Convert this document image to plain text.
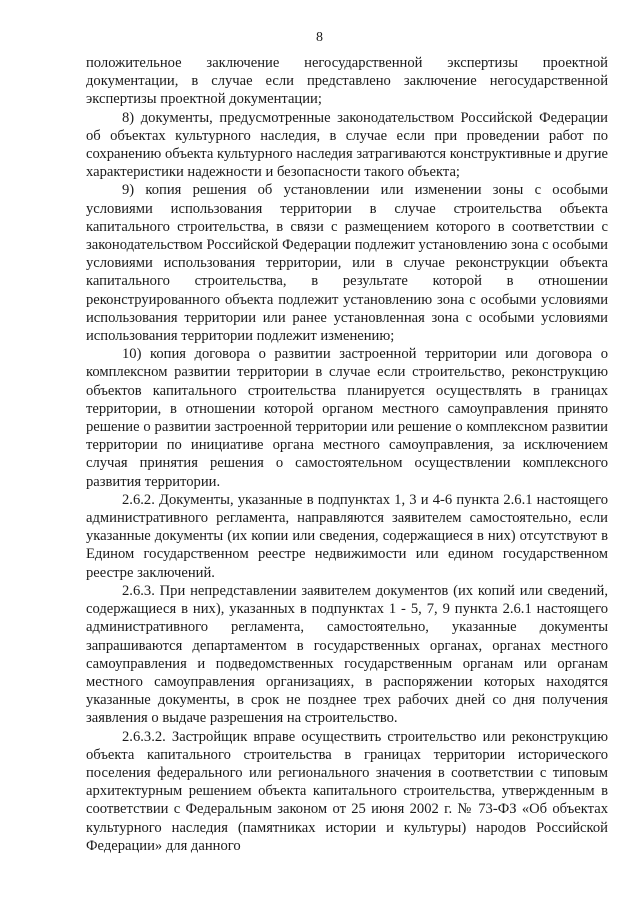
8

положительное заключение негосударственной экспертизы проектной документации, в случае если представлено заключение негосударственной экспертизы проектной документации;

8) документы, предусмотренные законодательством Российской Федерации об объектах культурного наследия, в случае если при проведении работ по сохранению объекта культурного наследия затрагиваются конструктивные и другие характеристики надежности и безопасности такого объекта;

9) копия решения об установлении или изменении зоны с особыми условиями использования территории в случае строительства объекта капитального строительства, в связи с размещением которого в соответствии с законодательством Российской Федерации подлежит установлению зона с особыми условиями использования территории, или в случае реконструкции объекта капитального строительства, в результате которой в отношении реконструированного объекта подлежит установлению зона с особыми условиями использования территории или ранее установленная зона с особыми условиями использования территории подлежит изменению;

10) копия договора о развитии застроенной территории или договора о комплексном развитии территории в случае если строительство, реконструкцию объектов капитального строительства планируется осуществлять в границах территории, в отношении которой органом местного самоуправления принято решение о развитии застроенной территории или решение о комплексном развитии территории по инициативе органа местного самоуправления, за исключением случая принятия решения о самостоятельном осуществлении комплексного развития территории.

2.6.2. Документы, указанные в подпунктах 1, 3 и 4-6 пункта 2.6.1 настоящего административного регламента, направляются заявителем самостоятельно, если указанные документы (их копии или сведения, содержащиеся в них) отсутствуют в Едином государственном реестре недвижимости или едином государственном реестре заключений.

2.6.3. При непредставлении заявителем документов (их копий или сведений, содержащиеся в них), указанных в подпунктах 1 - 5, 7, 9 пункта 2.6.1 настоящего административного регламента, самостоятельно, указанные документы запрашиваются департаментом в государственных органах, органах местного самоуправления и подведомственных государственным органам или органам местного самоуправления организациях, в распоряжении которых находятся указанные документы, в срок не позднее трех рабочих дней со дня получения заявления о выдаче разрешения на строительство.

2.6.3.2. Застройщик вправе осуществить строительство или реконструкцию объекта капитального строительства в границах территории исторического поселения федерального или регионального значения в соответствии с типовым архитектурным решением объекта капитального строительства, утвержденным в соответствии с Федеральным законом от 25 июня 2002 г. № 73-ФЗ «Об объектах культурного наследия (памятниках истории и культуры) народов Российской Федерации» для данного
